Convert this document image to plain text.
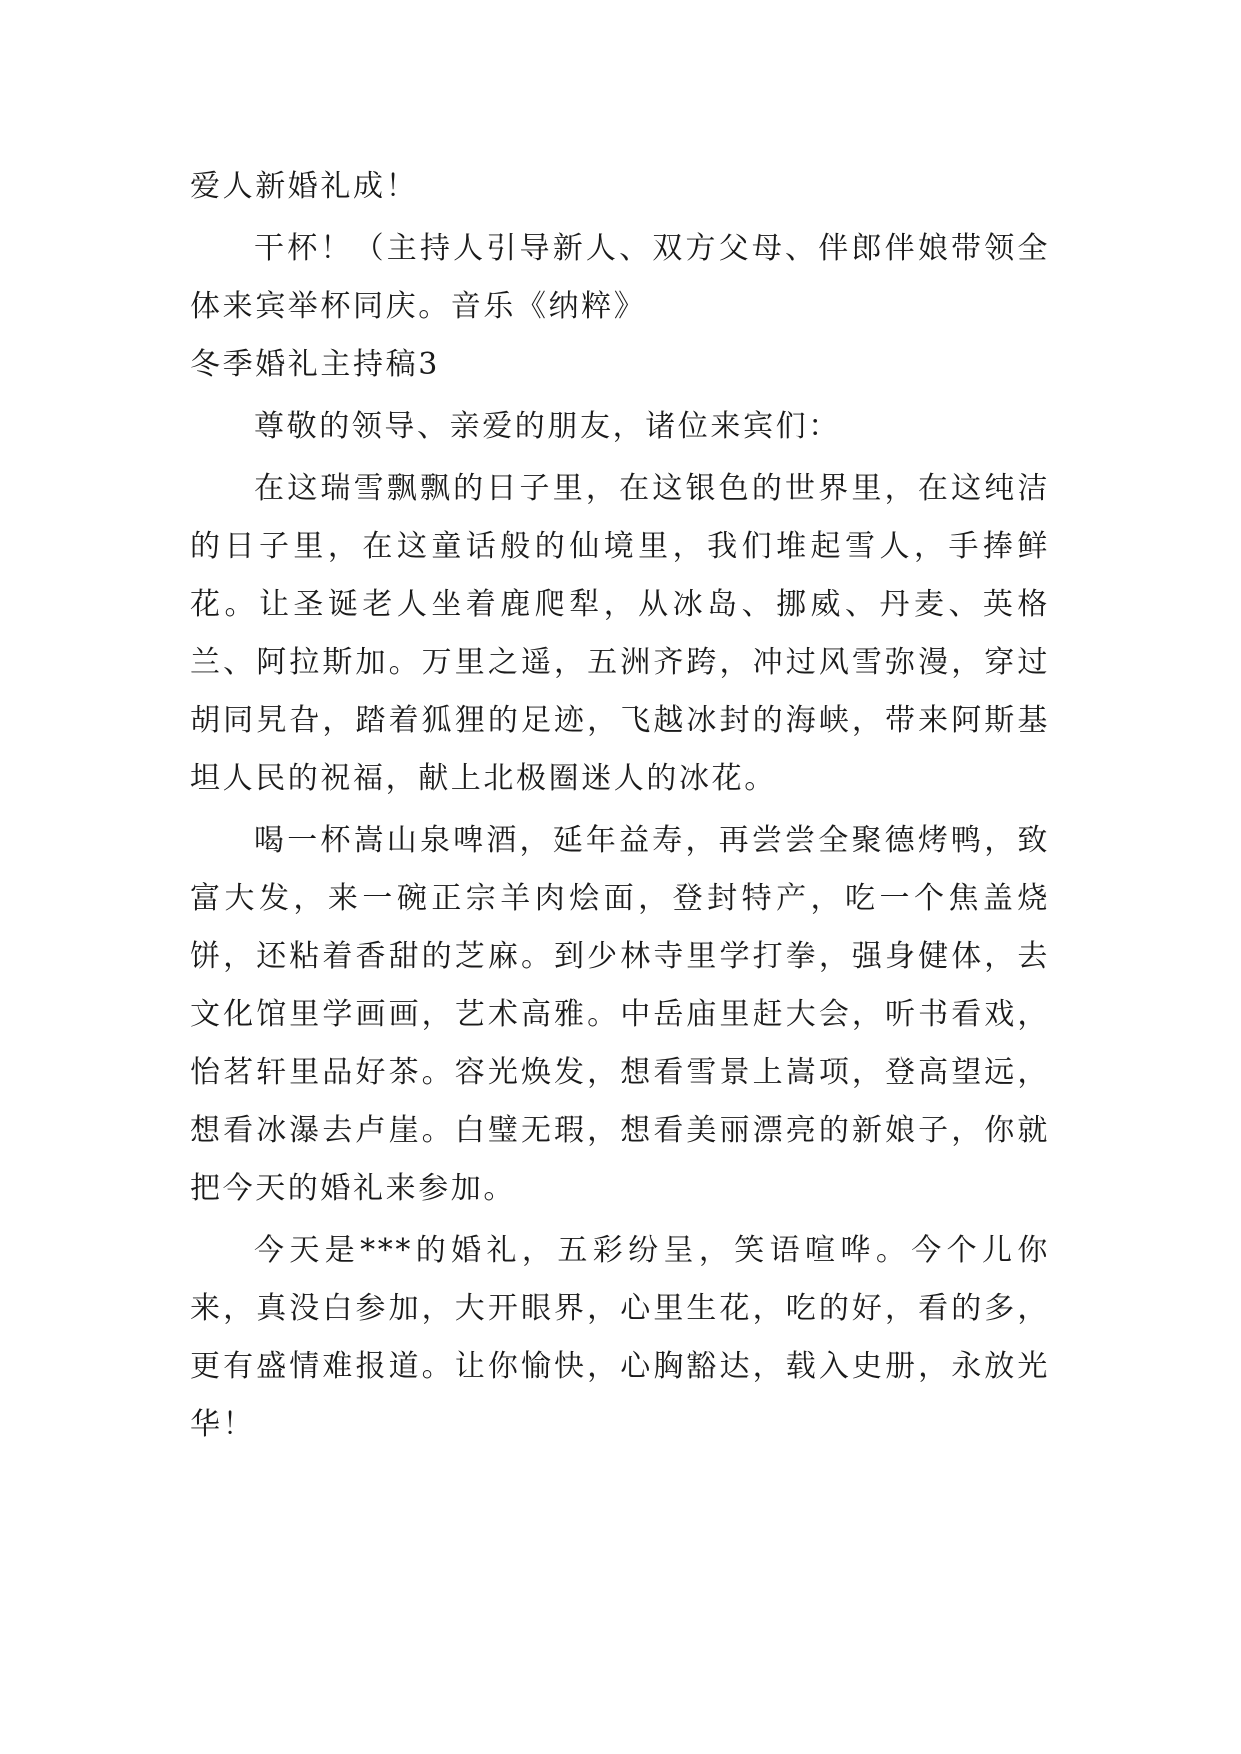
爱人新婚礼成！

干杯！（主持人引导新人、双方父母、伴郎伴娘带领全体来宾举杯同庆。音乐《纳粹》

冬季婚礼主持稿3

尊敬的领导、亲爱的朋友，诸位来宾们：

在这瑞雪飘飘的日子里，在这银色的世界里，在这纯洁的日子里，在这童话般的仙境里，我们堆起雪人，手捧鲜花。让圣诞老人坐着鹿爬犁，从冰岛、挪威、丹麦、英格兰、阿拉斯加。万里之遥，五洲齐跨，冲过风雪弥漫，穿过胡同旯旮，踏着狐狸的足迹，飞越冰封的海峡，带来阿斯基坦人民的祝福，献上北极圈迷人的冰花。

喝一杯嵩山泉啤酒，延年益寿，再尝尝全聚德烤鸭，致富大发，来一碗正宗羊肉烩面，登封特产，吃一个焦盖烧饼，还粘着香甜的芝麻。到少林寺里学打拳，强身健体，去文化馆里学画画，艺术高雅。中岳庙里赶大会，听书看戏，怡茗轩里品好茶。容光焕发，想看雪景上嵩项，登高望远，想看冰瀑去卢崖。白璧无瑕，想看美丽漂亮的新娘子，你就把今天的婚礼来参加。

今天是***的婚礼，五彩纷呈，笑语喧哗。今个儿你来，真没白参加，大开眼界，心里生花，吃的好，看的多，更有盛情难报道。让你愉快，心胸豁达，载入史册，永放光华！
